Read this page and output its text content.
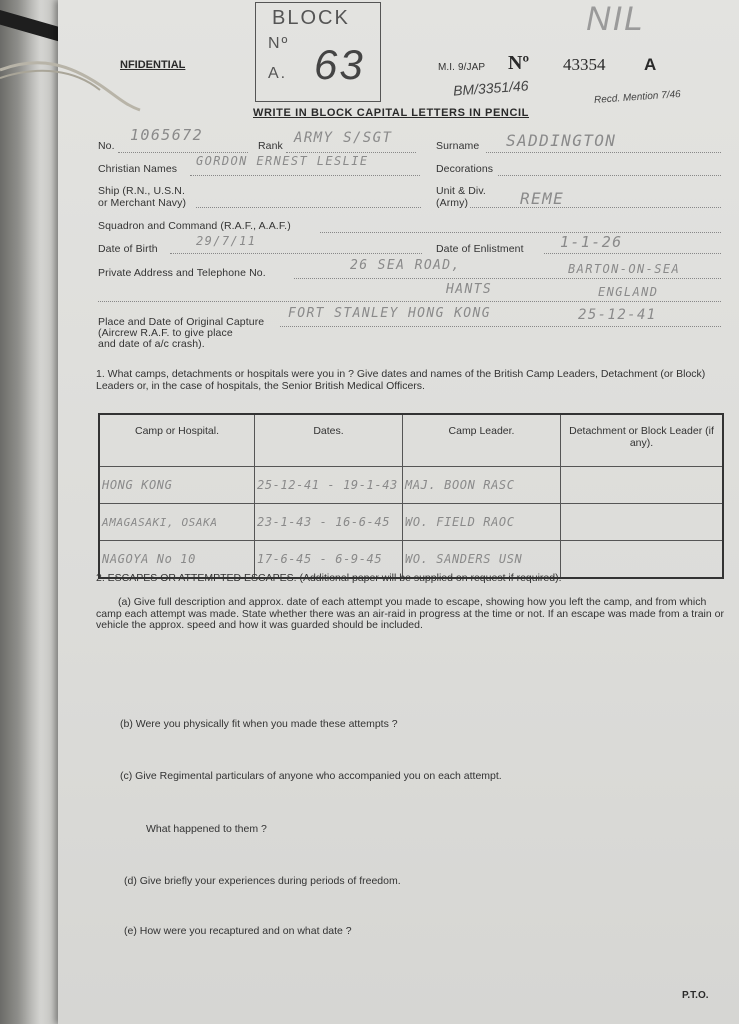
BLOCK
Nº
A. 63
NIL
NFIDENTIAL	M.I. 9/JAP Nº 43354 A
BM/3351/46	Recd. Mention 7/46
WRITE IN BLOCK CAPITAL LETTERS IN PENCIL
No.
1065672
Rank ARMY S/SGT	Surname SADDINGTON
Christian Names
GORDON ERNEST LESLIE
Decorations
Ship (R.N., U.S.N.
or Merchant Navy)
Unit & Div.
(Army)	REME
Squadron and Command (R.A.F., A.A.F.)
Date of Birth
29/7/11
Date of Enlistment 1-1-26
Private Address and Telephone No.	26 SEA ROAD,	BARTON-ON-SEA
HANTS	ENGLAND
Place and Date of Original Capture
(Aircrew R.A.F. to give place
and date of a/c crash).
FORT STANLEY HONG KONG	25-12-41
1. What camps, detachments or hospitals were you in ? Give dates and names of the British Camp Leaders, Detachment (or Block) Leaders or, in the case of hospitals, the Senior British Medical Officers.
Camp or Hospital.	Dates.	Camp Leader.	Detachment or Block Leader (if any).
HONG KONG	25-12-41 - 19-1-43	MAJ. BOON RASC	
AMAGASAKI, OSAKA	23-1-43 - 16-6-45	WO. FIELD RAOC	
NAGOYA No 10	17-6-45 - 6-9-45	WO. SANDERS USN	
2. ESCAPES OR ATTEMPTED ESCAPES. (Additional paper will be supplied on request if required).
(a) Give full description and approx. date of each attempt you made to escape, showing how you left the camp, and from which camp each attempt was made. State whether there was an air-raid in progress at the time or not. If an escape was made from a train or vehicle the approx. speed and how it was guarded should be included.
(b) Were you physically fit when you made these attempts ?
(c) Give Regimental particulars of anyone who accompanied you on each attempt.
What happened to them ?
(d) Give briefly your experiences during periods of freedom.
(e) How were you recaptured and on what date ?
P.T.O.
